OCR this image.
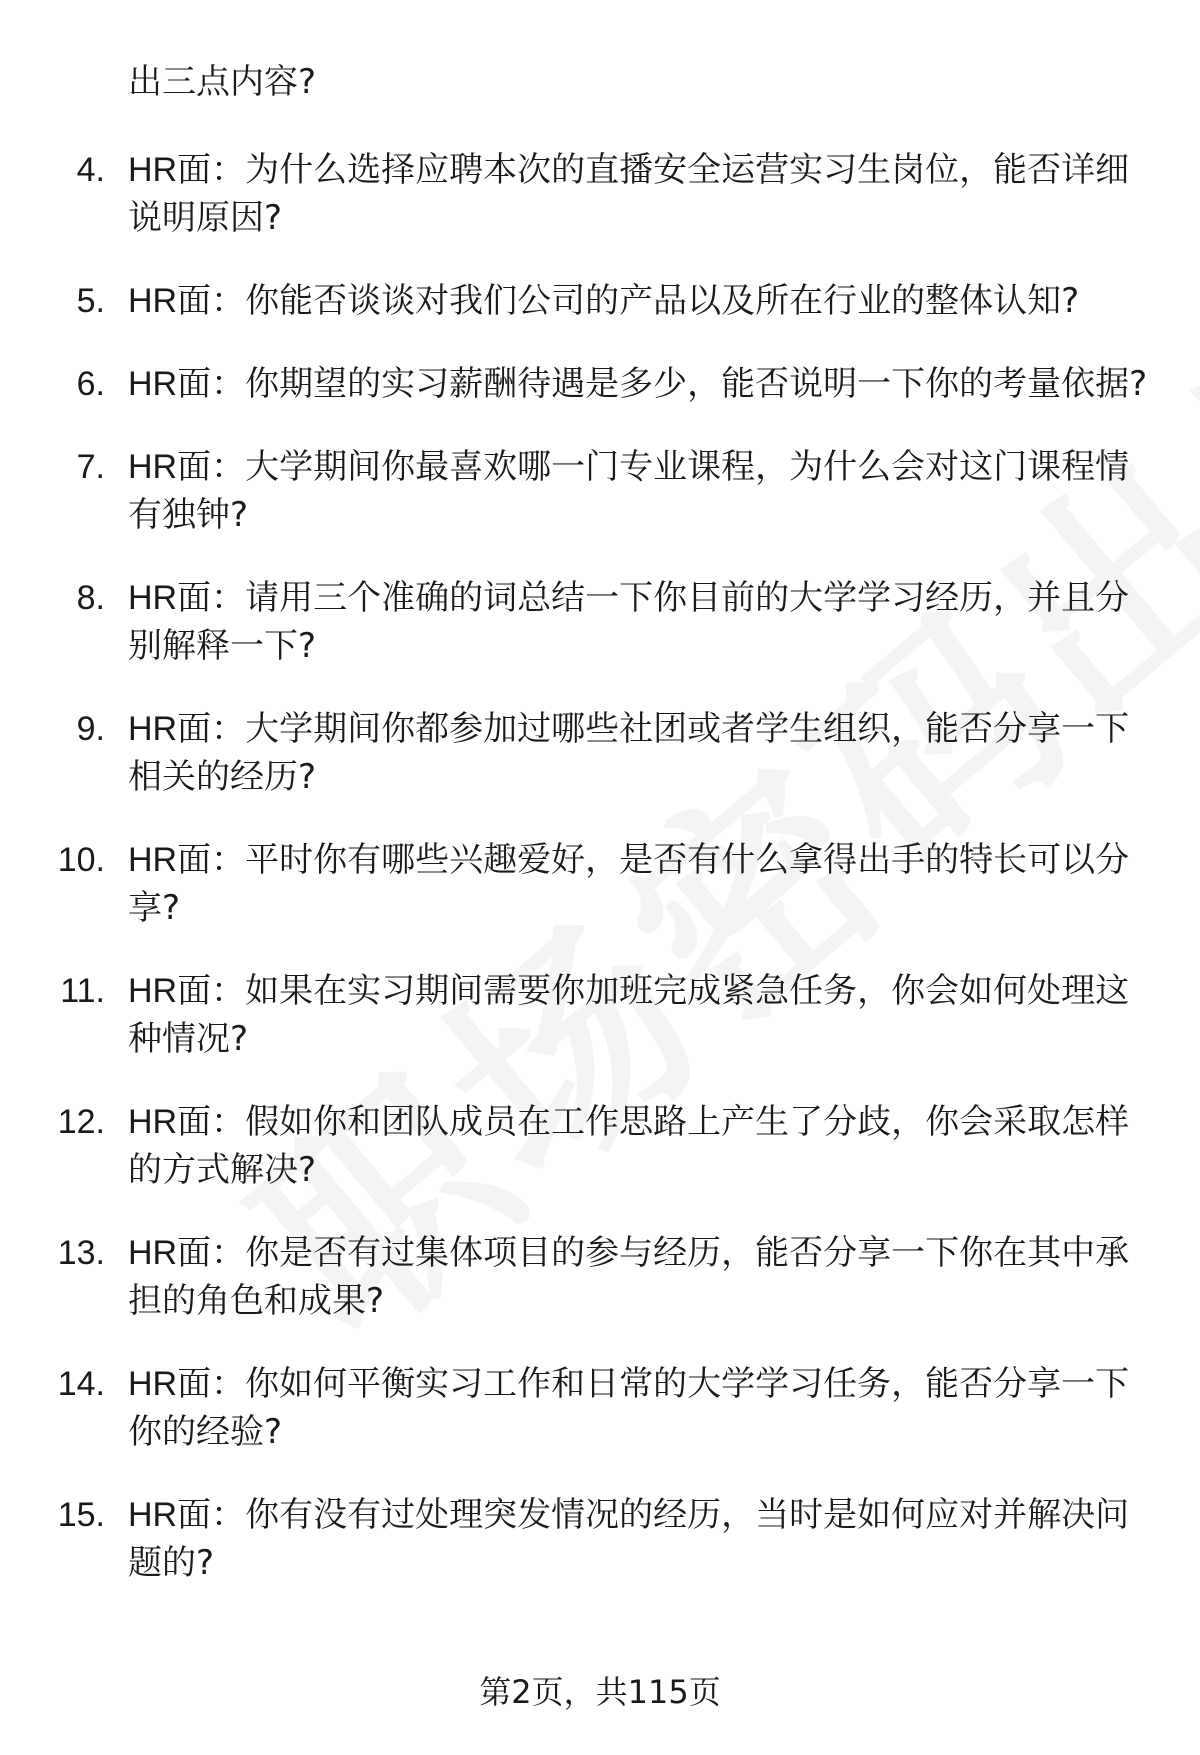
出三点内容?
4. HR面：为什么选择应聘本次的直播安全运营实习生岗位，能否详细说明原因?
5. HR面：你能否谈谈对我们公司的产品以及所在行业的整体认知?
6. HR面：你期望的实习薪酬待遇是多少，能否说明一下你的考量依据?
7. HR面：大学期间你最喜欢哪一门专业课程，为什么会对这门课程情有独钟?
8. HR面：请用三个准确的词总结一下你目前的大学学习经历，并且分别解释一下?
9. HR面：大学期间你都参加过哪些社团或者学生组织，能否分享一下相关的经历?
10. HR面：平时你有哪些兴趣爱好，是否有什么拿得出手的特长可以分享?
11. HR面：如果在实习期间需要你加班完成紧急任务，你会如何处理这种情况?
12. HR面：假如你和团队成员在工作思路上产生了分歧，你会采取怎样的方式解决?
13. HR面：你是否有过集体项目的参与经历，能否分享一下你在其中承担的角色和成果?
14. HR面：你如何平衡实习工作和日常的大学学习任务，能否分享一下你的经验?
15. HR面：你有没有过处理突发情况的经历，当时是如何应对并解决问题的?
第2页，共115页
